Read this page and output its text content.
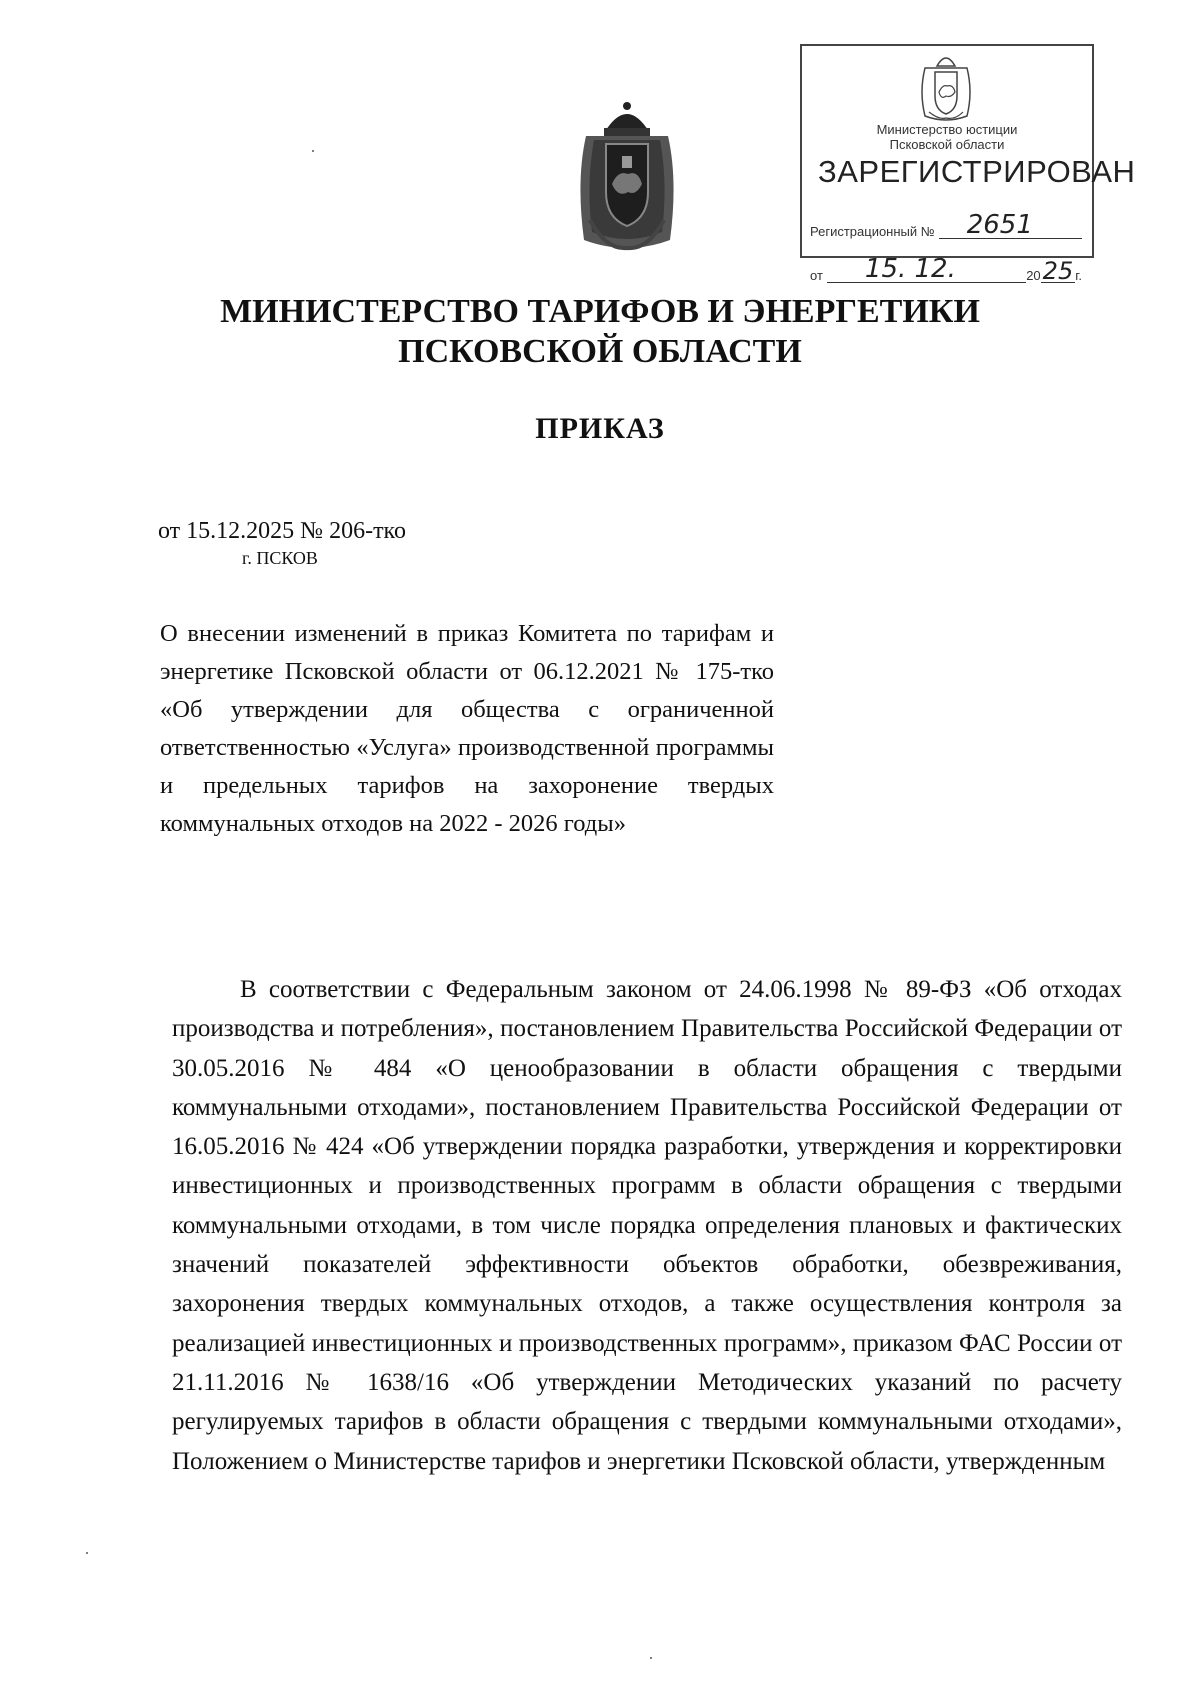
Министерство юстиции
Псковской области
ЗАРЕГИСТРИРОВАН
Регистрационный № 2651
от 15. 12.	20 25 г.
МИНИСТЕРСТВО ТАРИФОВ И ЭНЕРГЕТИКИ
ПСКОВСКОЙ ОБЛАСТИ
ПРИКАЗ
от 15.12.2025 № 206-тко
г. ПСКОВ
О внесении изменений в приказ Комитета по тарифам и энергетике Псковской области от 06.12.2021 № 175-тко «Об утверждении для общества с ограниченной ответственностью «Услуга» производственной программы и предельных тарифов на захоронение твердых коммунальных отходов на 2022 - 2026 годы»
В соответствии с Федеральным законом от 24.06.1998 № 89-ФЗ «Об отходах производства и потребления», постановлением Правительства Российской Федерации от 30.05.2016 № 484 «О ценообразовании в области обращения с твердыми коммунальными отходами», постановлением Правительства Российской Федерации от 16.05.2016 № 424 «Об утверждении порядка разработки, утверждения и корректировки инвестиционных и производственных программ в области обращения с твердыми коммунальными отходами, в том числе порядка определения плановых и фактических значений показателей эффективности объектов обработки, обезвреживания, захоронения твердых коммунальных отходов, а также осуществления контроля за реализацией инвестиционных и производственных программ», приказом ФАС России от 21.11.2016 № 1638/16 «Об утверждении Методических указаний по расчету регулируемых тарифов в области обращения с твердыми коммунальными отходами», Положением о Министерстве тарифов и энергетики Псковской области, утвержденным
